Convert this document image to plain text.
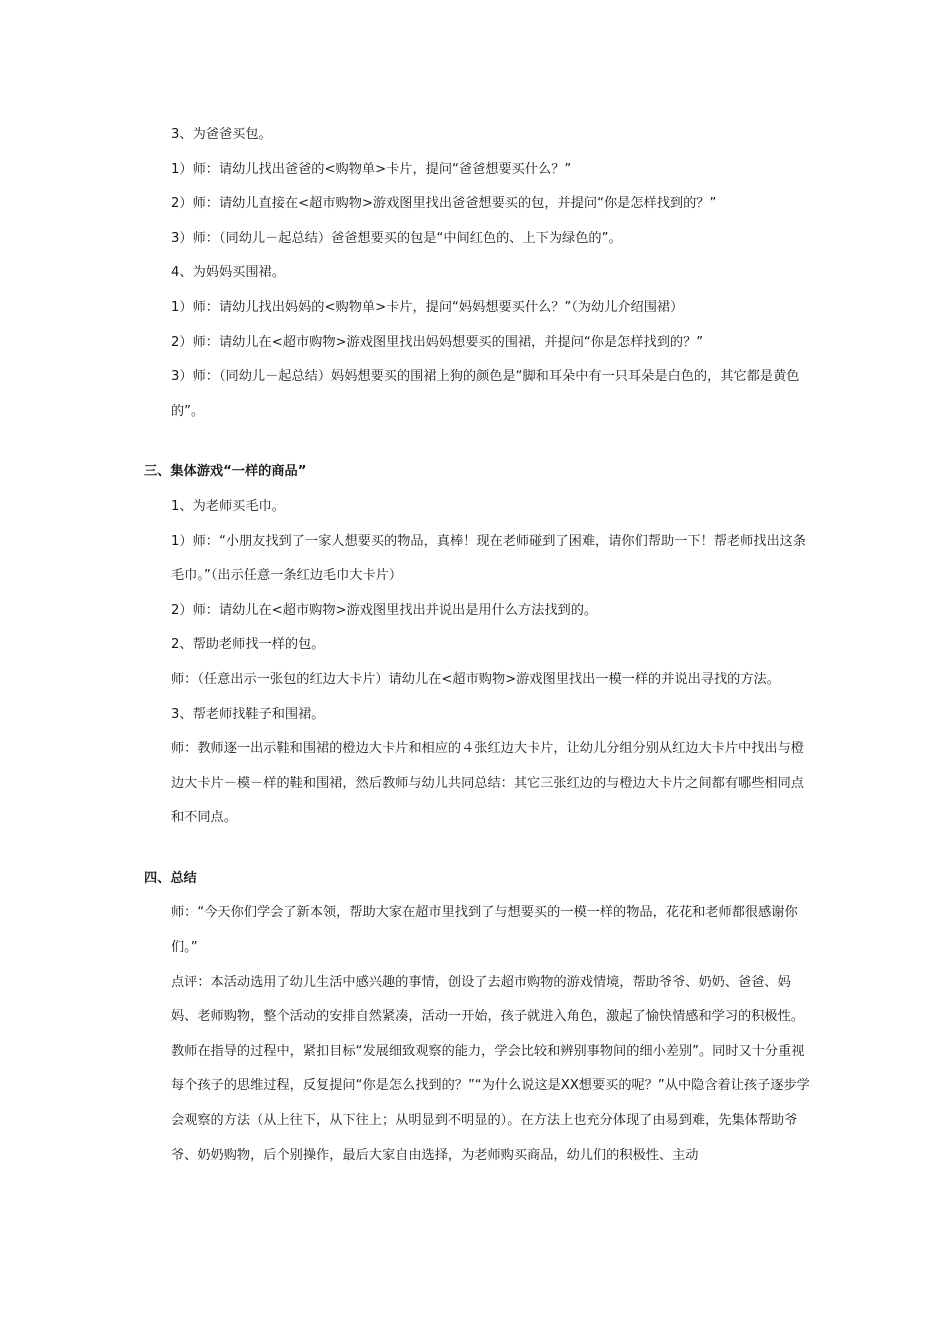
3、为爸爸买包。

1）师：请幼儿找出爸爸的<购物单>卡片，提问“爸爸想要买什么？”

2）师：请幼儿直接在<超市购物>游戏图里找出爸爸想要买的包，并提问“你是怎样找到的？”

3）师：（同幼儿－起总结）爸爸想要买的包是“中间红色的、上下为绿色的”。

4、为妈妈买围裙。

1）师：请幼儿找出妈妈的<购物单>卡片，提问“妈妈想要买什么？”（为幼儿介绍围裙）

2）师：请幼儿在<超市购物>游戏图里找出妈妈想要买的围裙，并提问“你是怎样找到的？”

3）师：（同幼儿－起总结）妈妈想要买的围裙上狗的颜色是“脚和耳朵中有一只耳朵是白色的，其它都是黄色的”。

三、集体游戏“一样的商品”

1、为老师买毛巾。

1）师：“小朋友找到了一家人想要买的物品，真棒！现在老师碰到了困难，请你们帮助一下！帮老师找出这条毛巾。”（出示任意一条红边毛巾大卡片）

2）师：请幼儿在<超市购物>游戏图里找出并说出是用什么方法找到的。

2、帮助老师找一样的包。

师：（任意出示一张包的红边大卡片）请幼儿在<超市购物>游戏图里找出一模一样的并说出寻找的方法。

3、帮老师找鞋子和围裙。

师：教师逐一出示鞋和围裙的橙边大卡片和相应的４张红边大卡片，让幼儿分组分别从红边大卡片中找出与橙边大卡片－模－样的鞋和围裙，然后教师与幼儿共同总结：其它三张红边的与橙边大卡片之间都有哪些相同点和不同点。

四、总结

师：“今天你们学会了新本领，帮助大家在超市里找到了与想要买的一模一样的物品，花花和老师都很感谢你们。”

点评：本活动选用了幼儿生活中感兴趣的事情，创设了去超市购物的游戏情境，帮助爷爷、奶奶、爸爸、妈妈、老师购物，整个活动的安排自然紧凑，活动一开始，孩子就进入角色，激起了愉快情感和学习的积极性。

教师在指导的过程中，紧扣目标“发展细致观察的能力，学会比较和辨别事物间的细小差别”。同时又十分重视每个孩子的思维过程，反复提问“你是怎么找到的？”“为什么说这是XX想要买的呢？”从中隐含着让孩子逐步学会观察的方法（从上往下，从下往上；从明显到不明显的）。在方法上也充分体现了由易到难，先集体帮助爷爷、奶奶购物，后个别操作，最后大家自由选择，为老师购买商品，幼儿们的积极性、主动
